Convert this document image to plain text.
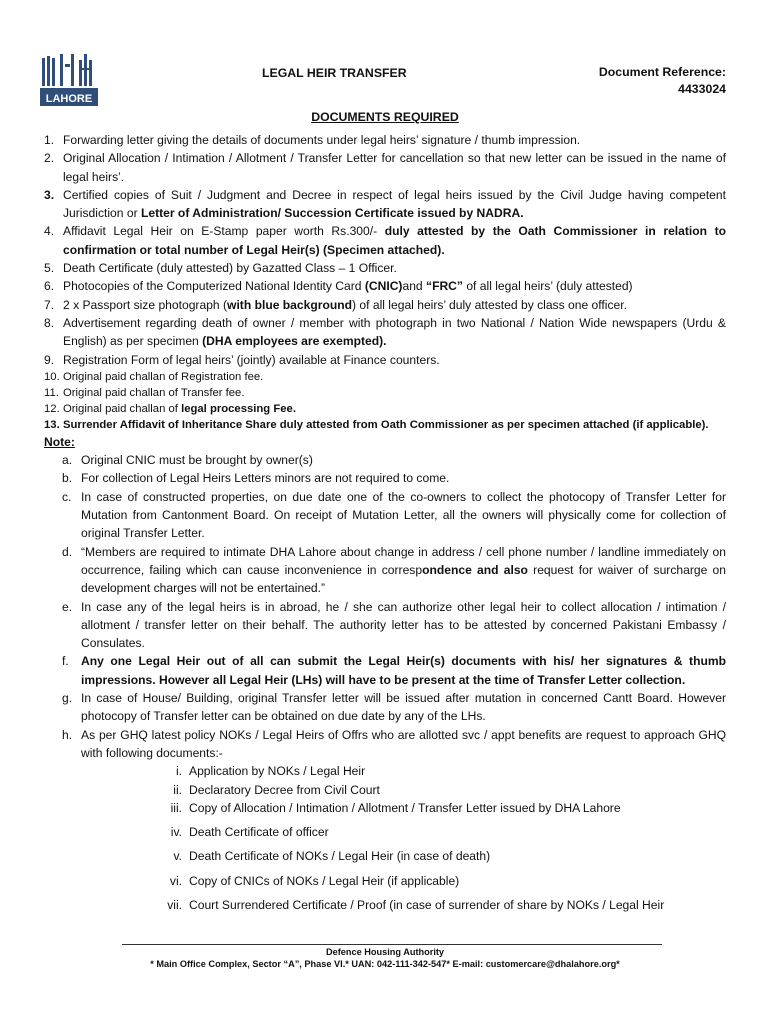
LAHORE
LEGAL HEIR TRANSFER	Document Reference:
4433024
DOCUMENTS REQUIRED
1. Forwarding letter giving the details of documents under legal heirs’ signature / thumb impression.
2. Original Allocation / Intimation / Allotment / Transfer Letter for cancellation so that new letter can be issued in the name of legal heirs’.
3. Certified copies of Suit / Judgment and Decree in respect of legal heirs issued by the Civil Judge having competent Jurisdiction or Letter of Administration/ Succession Certificate issued by NADRA.
4. Affidavit Legal Heir on E-Stamp paper worth Rs.300/- duly attested by the Oath Commissioner in relation to confirmation or total number of Legal Heir(s) (Specimen attached).
5. Death Certificate (duly attested) by Gazatted Class – 1 Officer.
6. Photocopies of the Computerized National Identity Card (CNIC)and “FRC” of all legal heirs’ (duly attested)
7. 2 x Passport size photograph (with blue background) of all legal heirs’ duly attested by class one officer.
8. Advertisement regarding death of owner / member with photograph in two National / Nation Wide newspapers (Urdu & English) as per specimen (DHA employees are exempted).
9. Registration Form of legal heirs’ (jointly) available at Finance counters.
10. Original paid challan of Registration fee.
11. Original paid challan of Transfer fee.
12. Original paid challan of legal processing Fee.
13. Surrender Affidavit of Inheritance Share duly attested from Oath Commissioner as per specimen attached (if applicable).
Note:
a. Original CNIC must be brought by owner(s)
b. For collection of Legal Heirs Letters minors are not required to come.
c. In case of constructed properties, on due date one of the co-owners to collect the photocopy of Transfer Letter for Mutation from Cantonment Board. On receipt of Mutation Letter, all the owners will physically come for collection of original Transfer Letter.
d. “Members are required to intimate DHA Lahore about change in address / cell phone number / landline immediately on occurrence, failing which can cause inconvenience in correspondence and also request for waiver of surcharge on development charges will not be entertained.”
e. In case any of the legal heirs is in abroad, he / she can authorize other legal heir to collect allocation / intimation / allotment / transfer letter on their behalf. The authority letter has to be attested by concerned Pakistani Embassy / Consulates.
f.	Any one Legal Heir out of all can submit the Legal Heir(s) documents with his/ her signatures & thumb impressions. However all Legal Heir (LHs) will have to be present at the time of Transfer Letter collection.
g. In case of House/ Building, original Transfer letter will be issued after mutation in concerned Cantt Board. However photocopy of Transfer letter can be obtained on due date by any of the LHs.
h. As per GHQ latest policy NOKs / Legal Heirs of Offrs who are allotted svc / appt benefits are request to approach GHQ with following documents:-
i. Application by NOKs / Legal Heir
ii. Declaratory Decree from Civil Court
iii. Copy of Allocation / Intimation / Allotment / Transfer Letter issued by DHA Lahore
iv. Death Certificate of officer
v. Death Certificate of NOKs / Legal Heir (in case of death)
vi. Copy of CNICs of NOKs / Legal Heir (if applicable)
vii. Court Surrendered Certificate / Proof (in case of surrender of share by NOKs / Legal Heir
Defence Housing Authority
* Main Office Complex, Sector “A”, Phase VI.* UAN: 042-111-342-547* E-mail: customercare@dhalahore.org*
